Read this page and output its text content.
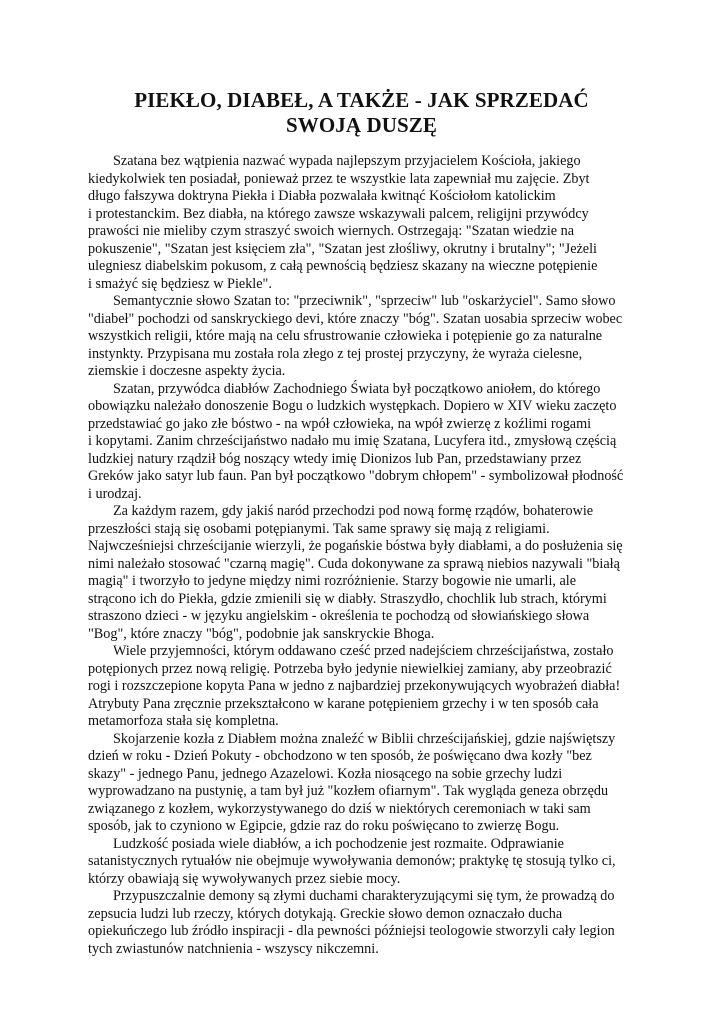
PIEKŁO, DIABEŁ, A TAKŻE - JAK SPRZEDAĆ
SWOJĄ DUSZĘ

Szatana bez wątpienia nazwać wypada najlepszym przyjacielem Kościoła, jakiego
kiedykolwiek ten posiadał, ponieważ przez te wszystkie lata zapewniał mu zajęcie. Zbyt
długo fałszywa doktryna Piekła i Diabła pozwalała kwitnąć Kościołom katolickim
i protestanckim. Bez diabła, na którego zawsze wskazywali palcem, religijni przywódcy
prawości nie mieliby czym straszyć swoich wiernych. Ostrzegają: "Szatan wiedzie na
pokuszenie", "Szatan jest księciem zła", "Szatan jest złośliwy, okrutny i brutalny"; "Jeżeli
ulegniesz diabelskim pokusom, z całą pewnością będziesz skazany na wieczne potępienie
i smażyć się będziesz w Piekle".

Semantycznie słowo Szatan to: "przeciwnik", "sprzeciw" lub "oskarżyciel". Samo słowo
"diabeł" pochodzi od sanskryckiego devi, które znaczy "bóg". Szatan uosabia sprzeciw wobec
wszystkich religii, które mają na celu sfrustrowanie człowieka i potępienie go za naturalne
instynkty. Przypisana mu została rola złego z tej prostej przyczyny, że wyraża cielesne,
ziemskie i doczesne aspekty życia.

Szatan, przywódca diabłów Zachodniego Świata był początkowo aniołem, do którego
obowiązku należało donoszenie Bogu o ludzkich występkach. Dopiero w XIV wieku zaczęto
przedstawiać go jako złe bóstwo - na wpół człowieka, na wpół zwierzę z koźlimi rogami
i kopytami. Zanim chrześcijaństwo nadało mu imię Szatana, Lucyfera itd., zmysłową częścią
ludzkiej natury rządził bóg noszący wtedy imię Dionizos lub Pan, przedstawiany przez
Greków jako satyr lub faun. Pan był początkowo "dobrym chłopem" - symbolizował płodność
i urodzaj.

Za każdym razem, gdy jakiś naród przechodzi pod nową formę rządów, bohaterowie
przeszłości stają się osobami potępianymi. Tak same sprawy się mają z religiami.
Najwcześniejsi chrześcijanie wierzyli, że pogańskie bóstwa były diabłami, a do posłużenia się
nimi należało stosować "czarną magię". Cuda dokonywane za sprawą niebios nazywali "białą
magią" i tworzyło to jedyne między nimi rozróżnienie. Starzy bogowie nie umarli, ale
strącono ich do Piekła, gdzie zmienili się w diabły. Straszydło, chochlik lub strach, którymi
straszono dzieci - w języku angielskim - określenia te pochodzą od słowiańskiego słowa
"Bog", które znaczy "bóg", podobnie jak sanskryckie Bhoga.

Wiele przyjemności, którym oddawano cześć przed nadejściem chrześcijaństwa, zostało
potępionych przez nową religię. Potrzeba było jedynie niewielkiej zamiany, aby przeobrazić
rogi i rozszczepione kopyta Pana w jedno z najbardziej przekonywujących wyobrażeń diabła!
Atrybuty Pana zręcznie przekształcono w karane potępieniem grzechy i w ten sposób cała
metamorfoza stała się kompletna.

Skojarzenie kozła z Diabłem można znaleźć w Biblii chrześcijańskiej, gdzie najświętszy
dzień w roku - Dzień Pokuty - obchodzono w ten sposób, że poświęcano dwa kozły "bez
skazy" - jednego Panu, jednego Azazelowi. Kozła niosącego na sobie grzechy ludzi
wyprowadzano na pustynię, a tam był już "kozłem ofiarnym". Tak wygląda geneza obrzędu
związanego z kozłem, wykorzystywanego do dziś w niektórych ceremoniach w taki sam
sposób, jak to czyniono w Egipcie, gdzie raz do roku poświęcano to zwierzę Bogu.

Ludzkość posiada wiele diabłów, a ich pochodzenie jest rozmaite. Odprawianie
satanistycznych rytuałów nie obejmuje wywoływania demonów; praktykę tę stosują tylko ci,
którzy obawiają się wywoływanych przez siebie mocy.

Przypuszczalnie demony są złymi duchami charakteryzującymi się tym, że prowadzą do
zepsucia ludzi lub rzeczy, których dotykają. Greckie słowo demon oznaczało ducha
opiekuńczego lub źródło inspiracji - dla pewności późniejsi teologowie stworzyli cały legion
tych zwiastunów natchnienia - wszyscy nikczemni.
